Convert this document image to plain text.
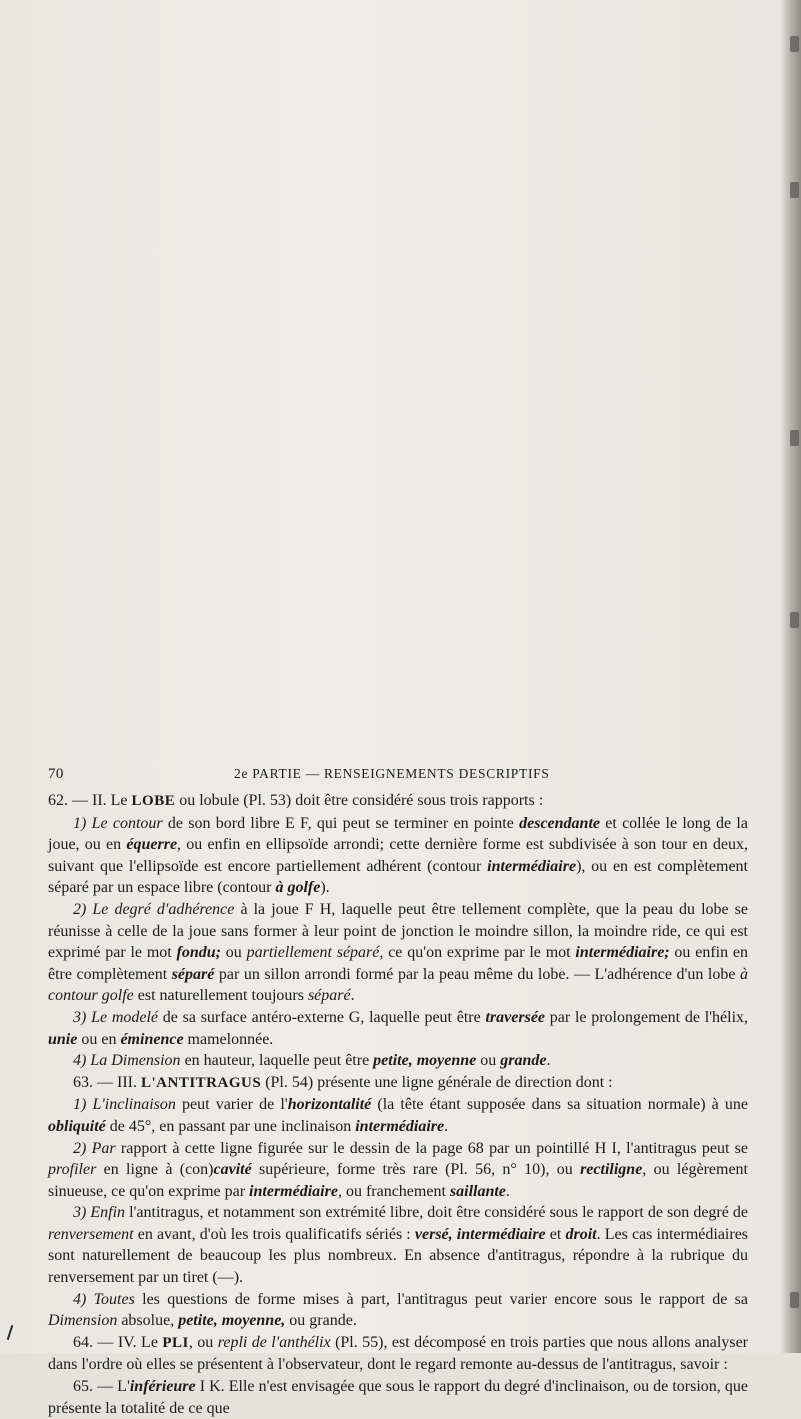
70	2e PARTIE — RENSEIGNEMENTS DESCRIPTIFS

62. — II. Le LOBE ou lobule (Pl. 53) doit être considéré sous trois rapports :

1) Le contour de son bord libre E F, qui peut se terminer en pointe descendante et collée le long de la joue, ou en équerre, ou enfin en ellipsoïde arrondi; cette dernière forme est subdivisée à son tour en deux, suivant que l'ellipsoïde est encore partiellement adhérent (contour intermédiaire), ou en est complètement séparé par un espace libre (contour à golfe).

2) Le degré d'adhérence à la joue F H, laquelle peut être tellement complète, que la peau du lobe se réunisse à celle de la joue sans former à leur point de jonction le moindre sillon, la moindre ride, ce qui est exprimé par le mot fondu; ou partiellement séparé, ce qu'on exprime par le mot intermédiaire; ou enfin en être complètement séparé par un sillon arrondi formé par la peau même du lobe. — L'adhérence d'un lobe à contour golfe est naturellement toujours séparé.

3) Le modelé de sa surface antéro-externe G, laquelle peut être traversée par le prolongement de l'hélix, unie ou en éminence mamelonnée.

4) La Dimension en hauteur, laquelle peut être petite, moyenne ou grande.

63. — III. L'ANTITRAGUS (Pl. 54) présente une ligne générale de direction dont :

1) L'inclinaison peut varier de l'horizontalité (la tête étant supposée dans sa situation normale) à une obliquité de 45°, en passant par une inclinaison intermédiaire.

2) Par rapport à cette ligne figurée sur le dessin de la page 68 par un pointillé H I, l'antitragus peut se profiler en ligne à (con)cavité supérieure, forme très rare (Pl. 56, n° 10), ou rectiligne, ou légèrement sinueuse, ce qu'on exprime par intermédiaire, ou franchement saillante.

3) Enfin l'antitragus, et notamment son extrémité libre, doit être considéré sous le rapport de son degré de renversement en avant, d'où les trois qualificatifs sériés : versé, intermédiaire et droit. Les cas intermédiaires sont naturellement de beaucoup les plus nombreux. En absence d'antitragus, répondre à la rubrique du renversement par un tiret (—).

4) Toutes les questions de forme mises à part, l'antitragus peut varier encore sous le rapport de sa Dimension absolue, petite, moyenne, ou grande.

64. — IV. Le PLI, ou repli de l'anthélix (Pl. 55), est décomposé en trois parties que nous allons analyser dans l'ordre où elles se présentent à l'observateur, dont le regard remonte au-dessus de l'antitragus, savoir :

65. — L'inférieure I K. Elle n'est envisagée que sous le rapport du degré d'inclinaison, ou de torsion, que présente la totalité de ce que
